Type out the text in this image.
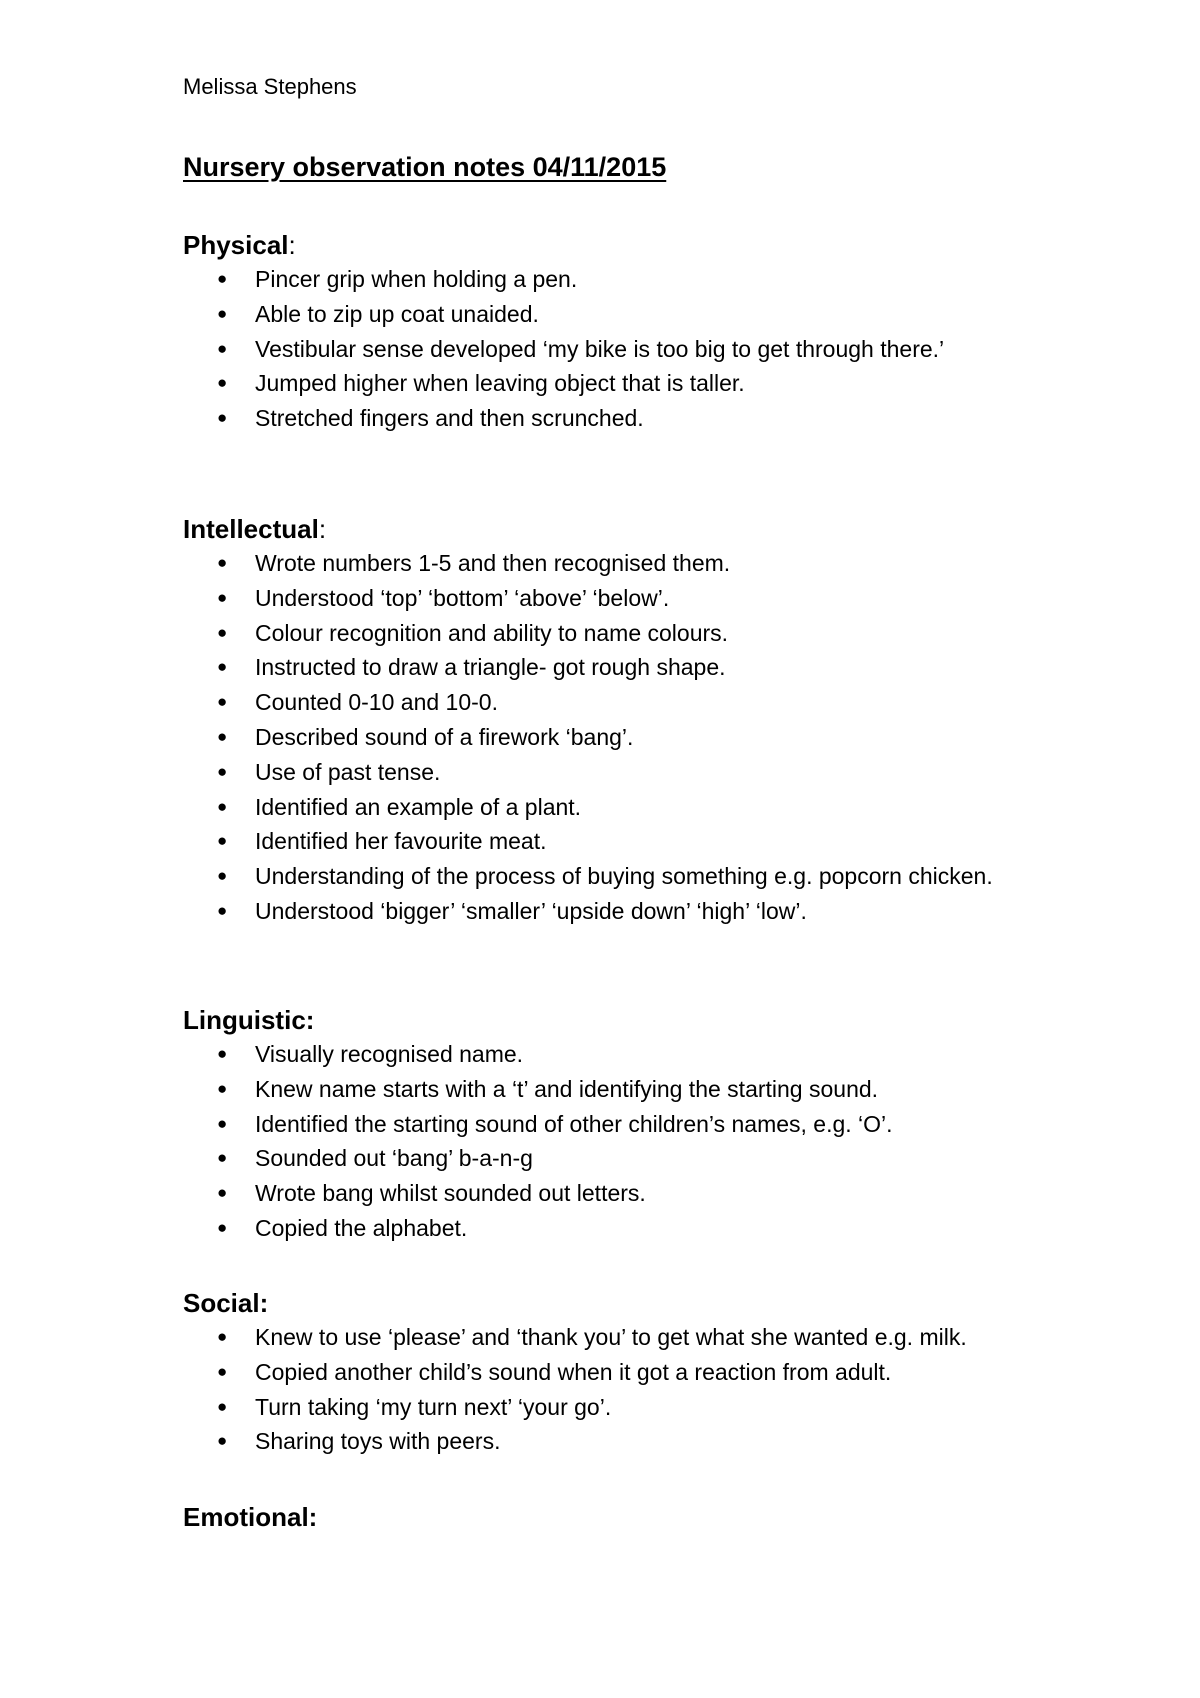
Melissa Stephens
Nursery observation notes 04/11/2015
Physical:
●	Pincer grip when holding a pen.
●	Able to zip up coat unaided.
●	Vestibular sense developed ‘my bike is too big to get through there.’
●	Jumped higher when leaving object that is taller.
●	Stretched fingers and then scrunched.
Intellectual:
●	Wrote numbers 1-5 and then recognised them.
●	Understood ‘top’ ‘bottom’ ‘above’ ‘below’.
●	Colour recognition and ability to name colours.
●	Instructed to draw a triangle- got rough shape.
●	Counted 0-10 and 10-0.
●	Described sound of a firework ‘bang’.
●	Use of past tense.
●	Identified an example of a plant.
●	Identified her favourite meat.
●	Understanding of the process of buying something e.g. popcorn chicken.
●	Understood ‘bigger’ ‘smaller’ ‘upside down’ ‘high’ ‘low’.
Linguistic:
●	Visually recognised name.
●	Knew name starts with a ‘t’ and identifying the starting sound.
●	Identified the starting sound of other children’s names, e.g. ‘O’.
●	Sounded out ‘bang’ b-a-n-g
●	Wrote bang whilst sounded out letters.
●	Copied the alphabet.
Social:
●	Knew to use ‘please’ and ‘thank you’ to get what she wanted e.g. milk.
●	Copied another child’s sound when it got a reaction from adult.
●	Turn taking ‘my turn next’ ‘your go’.
●	Sharing toys with peers.
Emotional:
